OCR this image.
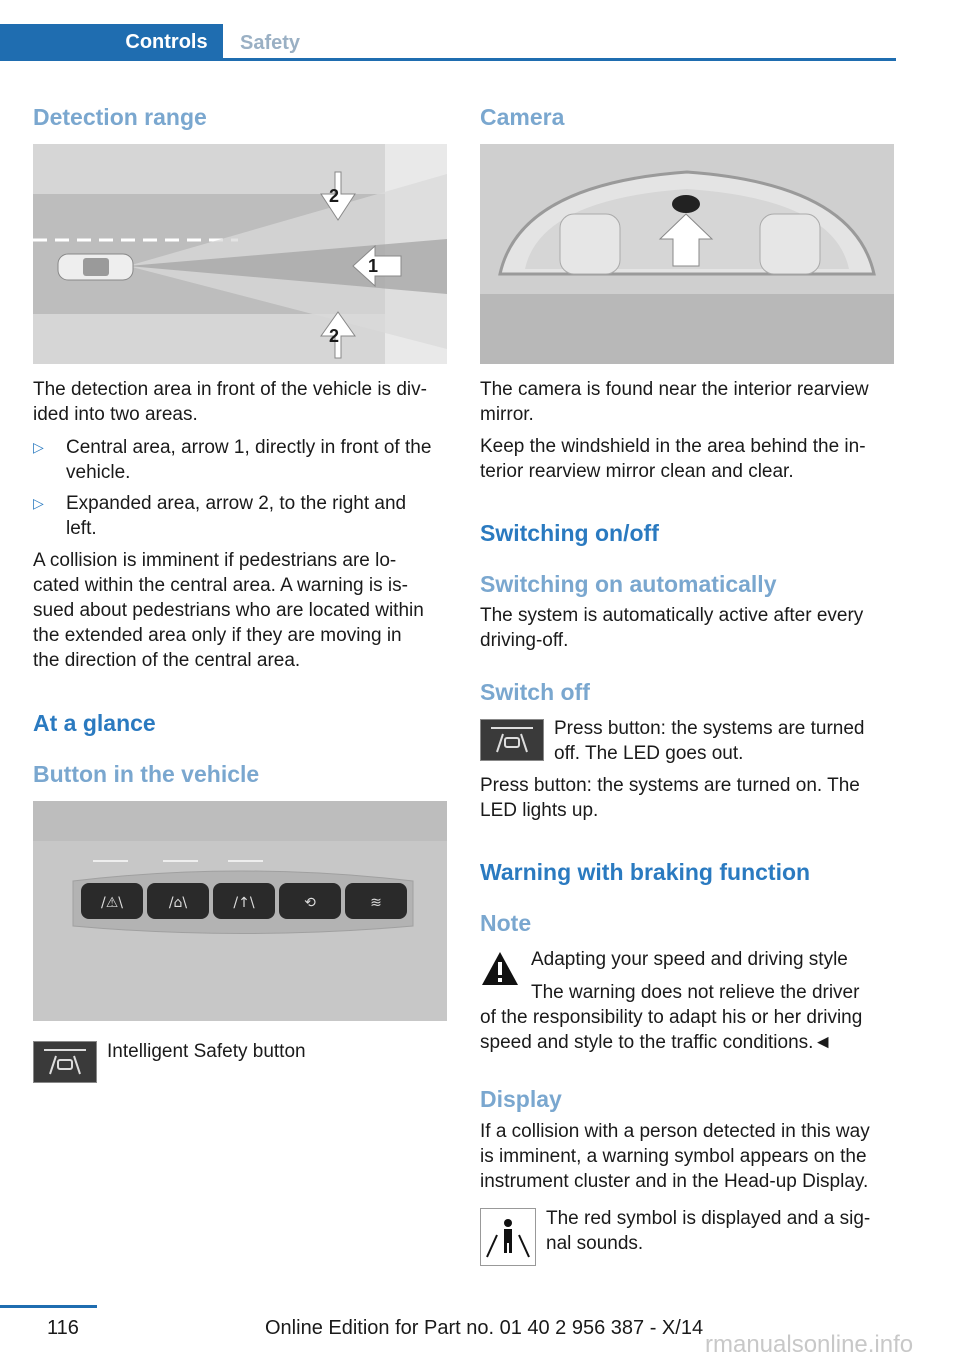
Controls	Safety
Detection range
2
1
2
The detection area in front of the vehicle is div-
ided into two areas.
▷ Central area, arrow 1, directly in front of the
vehicle.
▷ Expanded area, arrow 2, to the right and
left.
A collision is imminent if pedestrians are lo-
cated within the central area. A warning is is-
sued about pedestrians who are located within
the extended area only if they are moving in
the direction of the central area.
At a glance
Button in the vehicle
/⚠\	/⌂\	/↑\	⟲	≋
Intelligent Safety button
Camera
The camera is found near the interior rearview
mirror.
Keep the windshield in the area behind the in-
terior rearview mirror clean and clear.
Switching on/off
Switching on automatically
The system is automatically active after every
driving-off.
Switch off
Press button: the systems are turned
off. The LED goes out.
Press button: the systems are turned on. The
LED lights up.
Warning with braking function
Note
Adapting your speed and driving style
The warning does not relieve the driver
of the responsibility to adapt his or her driving
speed and style to the traffic conditions.◄
Display
If a collision with a person detected in this way
is imminent, a warning symbol appears on the
instrument cluster and in the Head-up Display.
The red symbol is displayed and a sig-
nal sounds.
116	Online Edition for Part no. 01 40 2 956 387 - X/14
rmanualsonline.info
